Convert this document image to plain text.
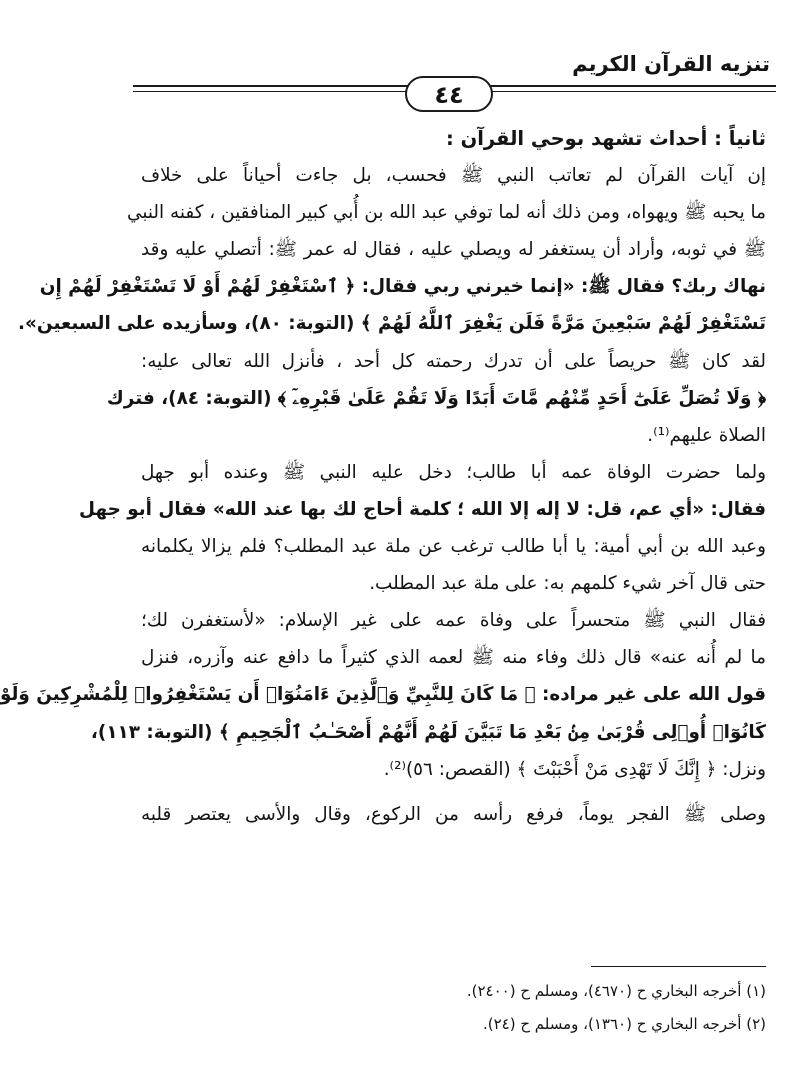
تنزيه القرآن الكريم
٤٤
ثانياً : أحداث تشهد بوحي القرآن :
إن آيات القرآن لم تعاتب النبي ﷺ فحسب، بل جاءت أحياناً على خلاف
ما يحبه ﷺ ويهواه، ومن ذلك أنه لما توفي عبد الله بن أُبي كبير المنافقين ، كفنه النبي
ﷺ في ثوبه، وأراد أن يستغفر له ويصلي عليه ، فقال له عمر ﷺ: أتصلي عليه وقد
نهاك ربك؟ فقال ﷺ: «إنما خيرني ربي فقال: ﴿ ٱسْتَغْفِرْ لَهُمْ أَوْ لَا تَسْتَغْفِرْ لَهُمْ إِن
تَسْتَغْفِرْ لَهُمْ سَبْعِينَ مَرَّةً فَلَن يَغْفِرَ ٱللَّهُ لَهُمْ ﴾ (التوبة: ٨٠)، وسأزيده على السبعين».
لقد كان ﷺ حريصاً على أن تدرك رحمته كل أحد ، فأنزل الله تعالى عليه:
﴿ وَلَا تُصَلِّ عَلَىٰٓ أَحَدٍ مِّنْهُم مَّاتَ أَبَدًا وَلَا تَقُمْ عَلَىٰ قَبْرِهِۦٓ ﴾ (التوبة: ٨٤)، فترك
الصلاة عليهم⁽¹⁾.
ولما حضرت الوفاة عمه أبا طالب؛ دخل عليه النبي ﷺ وعنده أبو جهل
فقال: «أي عم، قل: لا إله إلا الله ؛ كلمة أحاج لك بها عند الله» فقال أبو جهل
وعبد الله بن أبي أمية: يا أبا طالب ترغب عن ملة عبد المطلب؟ فلم يزالا يكلمانه
حتى قال آخر شيء كلمهم به: على ملة عبد المطلب.
فقال النبي ﷺ متحسراً على وفاة عمه على غير الإسلام: «لأستغفرن لك؛
ما لم أُنه عنه» قال ذلك وفاء منه ﷺ لعمه الذي كثيراً ما دافع عنه وآزره، فنزل
قول الله على غير مراده: ﴿ مَا كَانَ لِلنَّبِيِّ وَٱلَّذِينَ ءَامَنُوٓا۟ أَن يَسْتَغْفِرُوا۟ لِلْمُشْرِكِينَ وَلَوْ
كَانُوٓا۟ أُو۟لِى قُرْبَىٰ مِنۢ بَعْدِ مَا تَبَيَّنَ لَهُمْ أَنَّهُمْ أَصْحَـٰبُ ٱلْجَحِيمِ ﴾ (التوبة: ١١٣)،
ونزل: ﴿ إِنَّكَ لَا تَهْدِى مَنْ أَحْبَبْتَ ﴾ (القصص: ٥٦)⁽²⁾.
وصلى ﷺ الفجر يوماً، فرفع رأسه من الركوع، وقال والأسى يعتصر قلبه
(١) أخرجه البخاري ح (٤٦٧٠)، ومسلم ح (٢٤٠٠).
(٢) أخرجه البخاري ح (١٣٦٠)، ومسلم ح (٢٤).
